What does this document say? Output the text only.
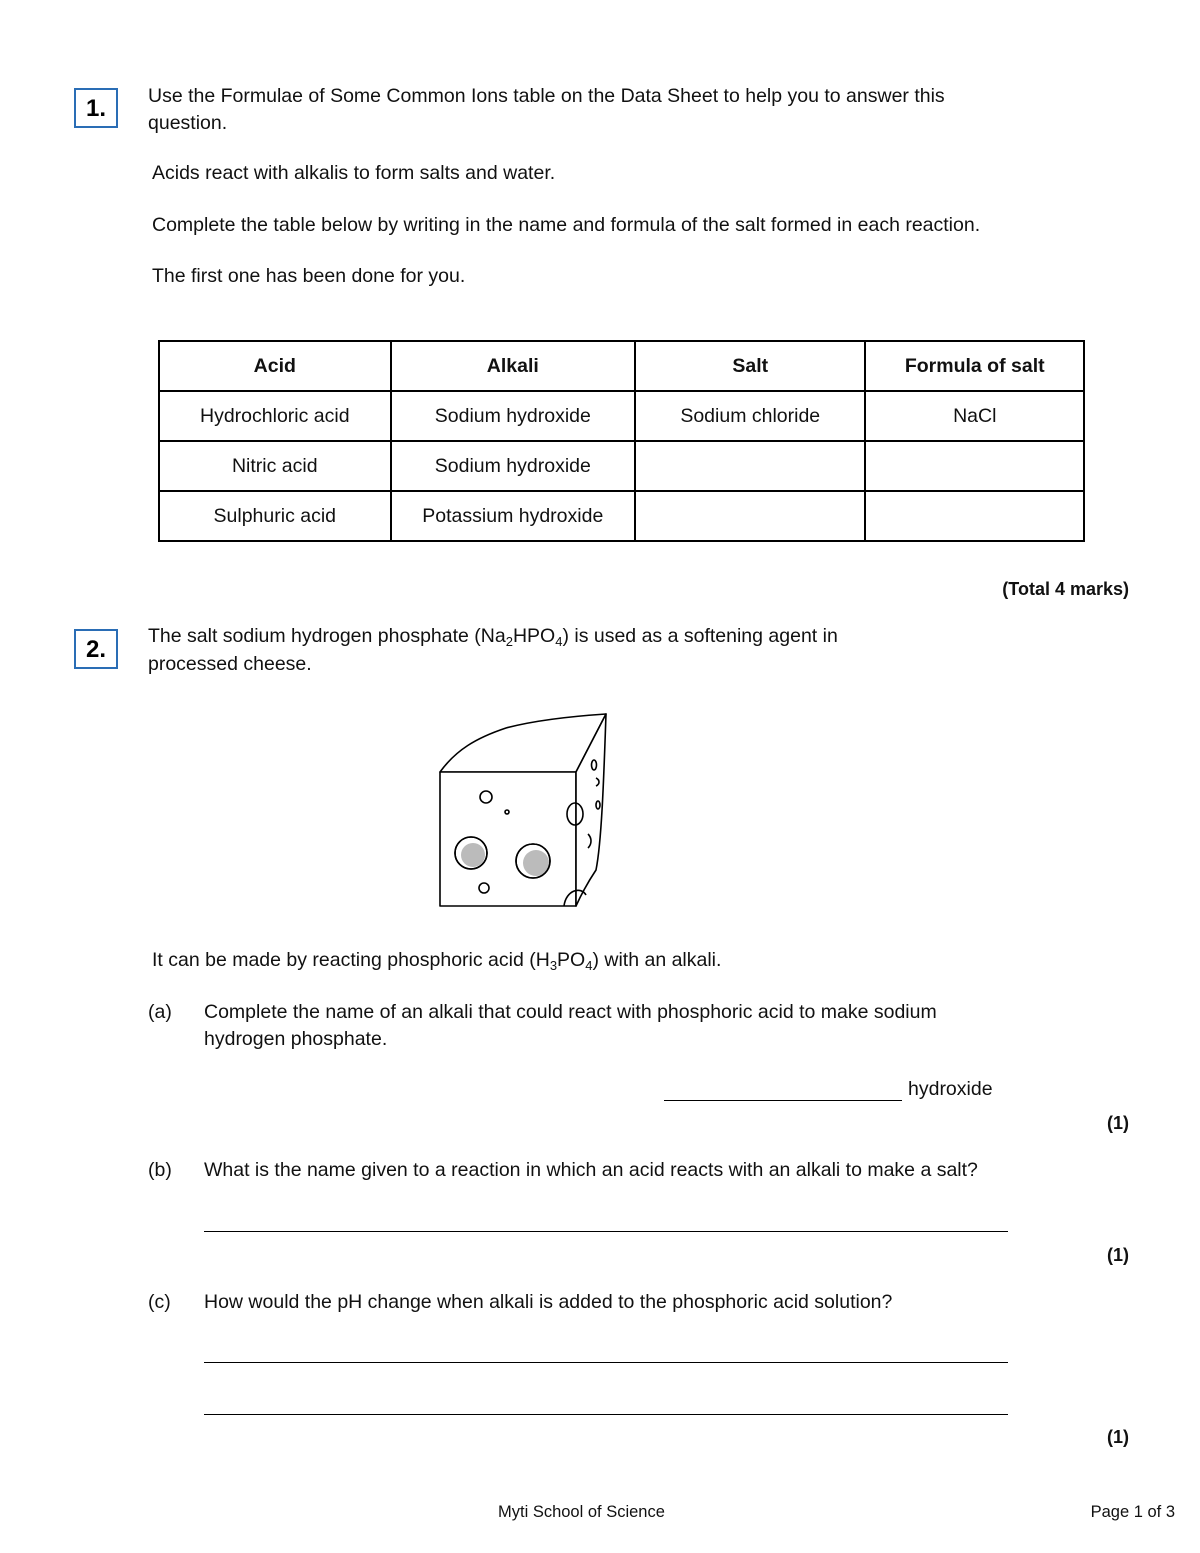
1.	Use the Formulae of Some Common Ions table on the Data Sheet to help you to answer this
question.
Acids react with alkalis to form salts and water.
Complete the table below by writing in the name and formula of the salt formed in each reaction.
The first one has been done for you.
Acid	Alkali	Salt	Formula of salt
Hydrochloric acid	Sodium hydroxide	Sodium chloride	NaCl
Nitric acid	Sodium hydroxide		
Sulphuric acid	Potassium hydroxide		
(Total 4 marks)
2.	The salt sodium hydrogen phosphate $(Na_2HPO_4)$ is used as a softening agent in
processed cheese.
It can be made by reacting phosphoric acid $(H_3PO_4)$ with an alkali.
(a) Complete the name of an alkali that could react with phosphoric acid to make sodium
hydrogen phosphate.
hydroxide
(1)
(b) What is the name given to a reaction in which an acid reacts with an alkali to make a salt?
(1)
(c) How would the pH change when alkali is added to the phosphoric acid solution?
(1)
Myti School of Science	Page 1 of 3
